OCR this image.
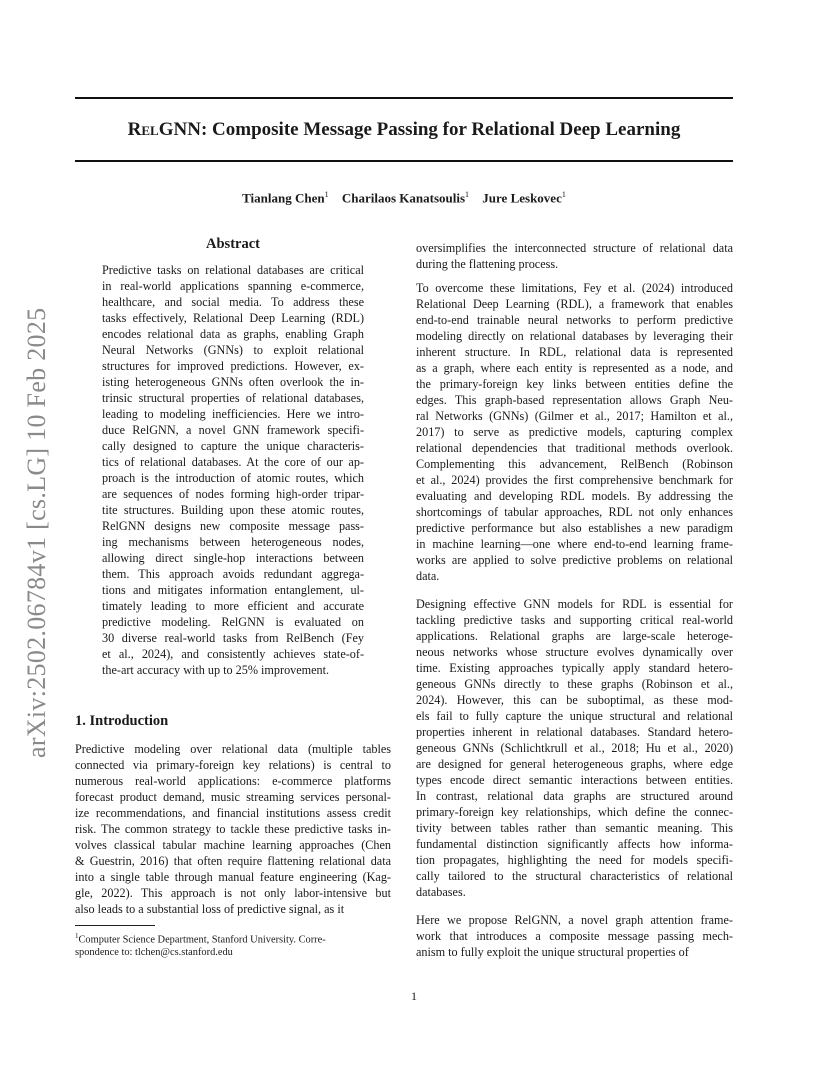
RelGNN: Composite Message Passing for Relational Deep Learning
Tianlang Chen$^1$ Charilaos Kanatsoulis$^1$ Jure Leskovec$^1$
arXiv:2502.06784v1 [cs.LG] 10 Feb 2025
Abstract
Predictive tasks on relational databases are critical
in real-world applications spanning e-commerce,
healthcare, and social media. To address these
tasks effectively, Relational Deep Learning (RDL)
encodes relational data as graphs, enabling Graph
Neural Networks (GNNs) to exploit relational
structures for improved predictions. However, ex-
isting heterogeneous GNNs often overlook the in-
trinsic structural properties of relational databases,
leading to modeling inefficiencies. Here we intro-
duce RelGNN, a novel GNN framework specifi-
cally designed to capture the unique characteris-
tics of relational databases. At the core of our ap-
proach is the introduction of atomic routes, which
are sequences of nodes forming high-order tripar-
tite structures. Building upon these atomic routes,
RelGNN designs new composite message pass-
ing mechanisms between heterogeneous nodes,
allowing direct single-hop interactions between
them. This approach avoids redundant aggrega-
tions and mitigates information entanglement, ul-
timately leading to more efficient and accurate
predictive modeling. RelGNN is evaluated on
30 diverse real-world tasks from RelBench (Fey
et al., 2024), and consistently achieves state-of-
the-art accuracy with up to 25% improvement.
1. Introduction
Predictive modeling over relational data (multiple tables
connected via primary-foreign key relations) is central to
numerous real-world applications: e-commerce platforms
forecast product demand, music streaming services personal-
ize recommendations, and financial institutions assess credit
risk. The common strategy to tackle these predictive tasks in-
volves classical tabular machine learning approaches (Chen
& Guestrin, 2016) that often require flattening relational data
into a single table through manual feature engineering (Kag-
gle, 2022). This approach is not only labor-intensive but
also leads to a substantial loss of predictive signal, as it
oversimplifies the interconnected structure of relational data
during the flattening process.
To overcome these limitations, Fey et al. (2024) introduced
Relational Deep Learning (RDL), a framework that enables
end-to-end trainable neural networks to perform predictive
modeling directly on relational databases by leveraging their
inherent structure. In RDL, relational data is represented
as a graph, where each entity is represented as a node, and
the primary-foreign key links between entities define the
edges. This graph-based representation allows Graph Neu-
ral Networks (GNNs) (Gilmer et al., 2017; Hamilton et al.,
2017) to serve as predictive models, capturing complex
relational dependencies that traditional methods overlook.
Complementing this advancement, RelBench (Robinson
et al., 2024) provides the first comprehensive benchmark for
evaluating and developing RDL models. By addressing the
shortcomings of tabular approaches, RDL not only enhances
predictive performance but also establishes a new paradigm
in machine learning—one where end-to-end learning frame-
works are applied to solve predictive problems on relational
data.
Designing effective GNN models for RDL is essential for
tackling predictive tasks and supporting critical real-world
applications. Relational graphs are large-scale heteroge-
neous networks whose structure evolves dynamically over
time. Existing approaches typically apply standard hetero-
geneous GNNs directly to these graphs (Robinson et al.,
2024). However, this can be suboptimal, as these mod-
els fail to fully capture the unique structural and relational
properties inherent in relational databases. Standard hetero-
geneous GNNs (Schlichtkrull et al., 2018; Hu et al., 2020)
are designed for general heterogeneous graphs, where edge
types encode direct semantic interactions between entities.
In contrast, relational data graphs are structured around
primary-foreign key relationships, which define the connec-
tivity between tables rather than semantic meaning. This
fundamental distinction significantly affects how informa-
tion propagates, highlighting the need for models specifi-
cally tailored to the structural characteristics of relational
databases.
Here we propose RelGNN, a novel graph attention frame-
work that introduces a composite message passing mech-
anism to fully exploit the unique structural properties of
$^1$Computer Science Department, Stanford University. Corre-
spondence to: tlchen@cs.stanford.edu
1
